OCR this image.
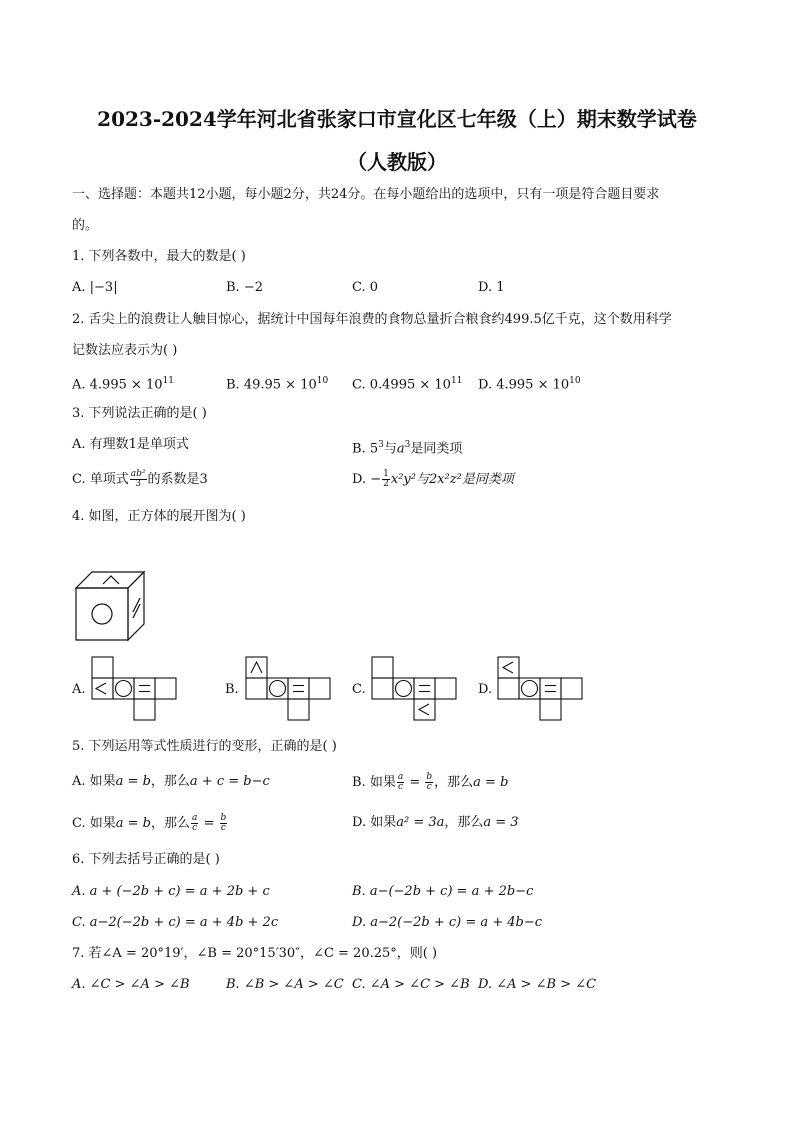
2023-2024学年河北省张家口市宣化区七年级（上）期末数学试卷
（人教版）
一、选择题：本题共12小题，每小题2分，共24分。在每小题给出的选项中，只有一项是符合题目要求
的。
1. 下列各数中，最大的数是( )
A. |−3|	B. −2	C. 0	D. 1
2. 舌尖上的浪费让人触目惊心，据统计中国每年浪费的食物总量折合粮食约499.5亿千克，这个数用科学
记数法应表示为( )
A. $4.995 \times 10^{11}$	B. $49.95 \times 10^{10}$ C. $0.4995 \times 10^{11}$ D. $4.995 \times 10^{10}$
3. 下列说法正确的是( )
A. 有理数1是单项式	B. $5^3$与$a^3$是同类项
C. 单项式 $\frac{\text{ab²}}{3}$ 的系数是3	D. − $\frac{1}{2} x^2y^2$与2x²z²是同类项
4. 如图，正方体的展开图为( )
A.	B.	C.	D.
5. 下列运用等式性质进行的变形，正确的是( )
A. 如果a = b，那么a + c = b−c	B. 如果 $\frac{a}{c} = \frac{b}{c}$ ，那么a = b
C. 如果a = b，那么 $\frac{a}{c} = \frac{b}{c}$	D. 如果a² = 3a，那么a = 3
6. 下列去括号正确的是( )
A. a + (−2b + c) = a + 2b + c	B. a−(−2b + c) = a + 2b−c
C. a−2(−2b + c) = a + 4b + 2c	D. a−2(−2b + c) = a + 4b−c
7. 若∠A = 20°19′，∠B = 20°15′30″，∠C = 20.25°，则( )
A. ∠C > ∠A > ∠B	B. ∠B > ∠A > ∠C C. ∠A > ∠C > ∠B D. ∠A > ∠B > ∠C
